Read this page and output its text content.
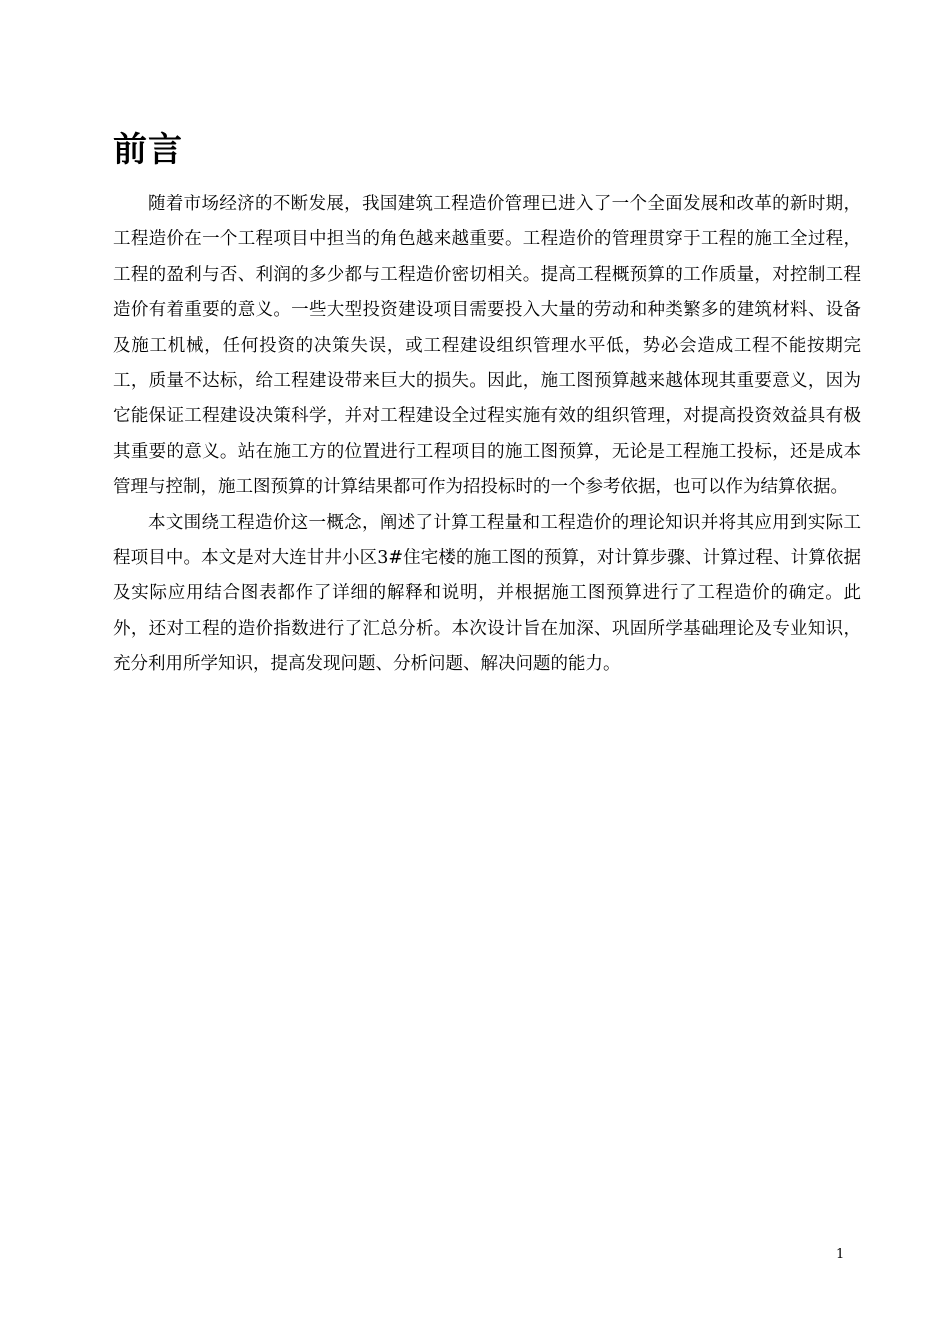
前言

随着市场经济的不断发展，我国建筑工程造价管理已进入了一个全面发展和改革的新时期，工程造价在一个工程项目中担当的角色越来越重要。工程造价的管理贯穿于工程的施工全过程，工程的盈利与否、利润的多少都与工程造价密切相关。提高工程概预算的工作质量，对控制工程造价有着重要的意义。一些大型投资建设项目需要投入大量的劳动和种类繁多的建筑材料、设备及施工机械，任何投资的决策失误，或工程建设组织管理水平低，势必会造成工程不能按期完工，质量不达标，给工程建设带来巨大的损失。因此，施工图预算越来越体现其重要意义，因为它能保证工程建设决策科学，并对工程建设全过程实施有效的组织管理，对提高投资效益具有极其重要的意义。站在施工方的位置进行工程项目的施工图预算，无论是工程施工投标，还是成本管理与控制，施工图预算的计算结果都可作为招投标时的一个参考依据，也可以作为结算依据。

本文围绕工程造价这一概念，阐述了计算工程量和工程造价的理论知识并将其应用到实际工程项目中。本文是对大连甘井小区3#住宅楼的施工图的预算，对计算步骤、计算过程、计算依据及实际应用结合图表都作了详细的解释和说明，并根据施工图预算进行了工程造价的确定。此外，还对工程的造价指数进行了汇总分析。本次设计旨在加深、巩固所学基础理论及专业知识，充分利用所学知识，提高发现问题、分析问题、解决问题的能力。

1
